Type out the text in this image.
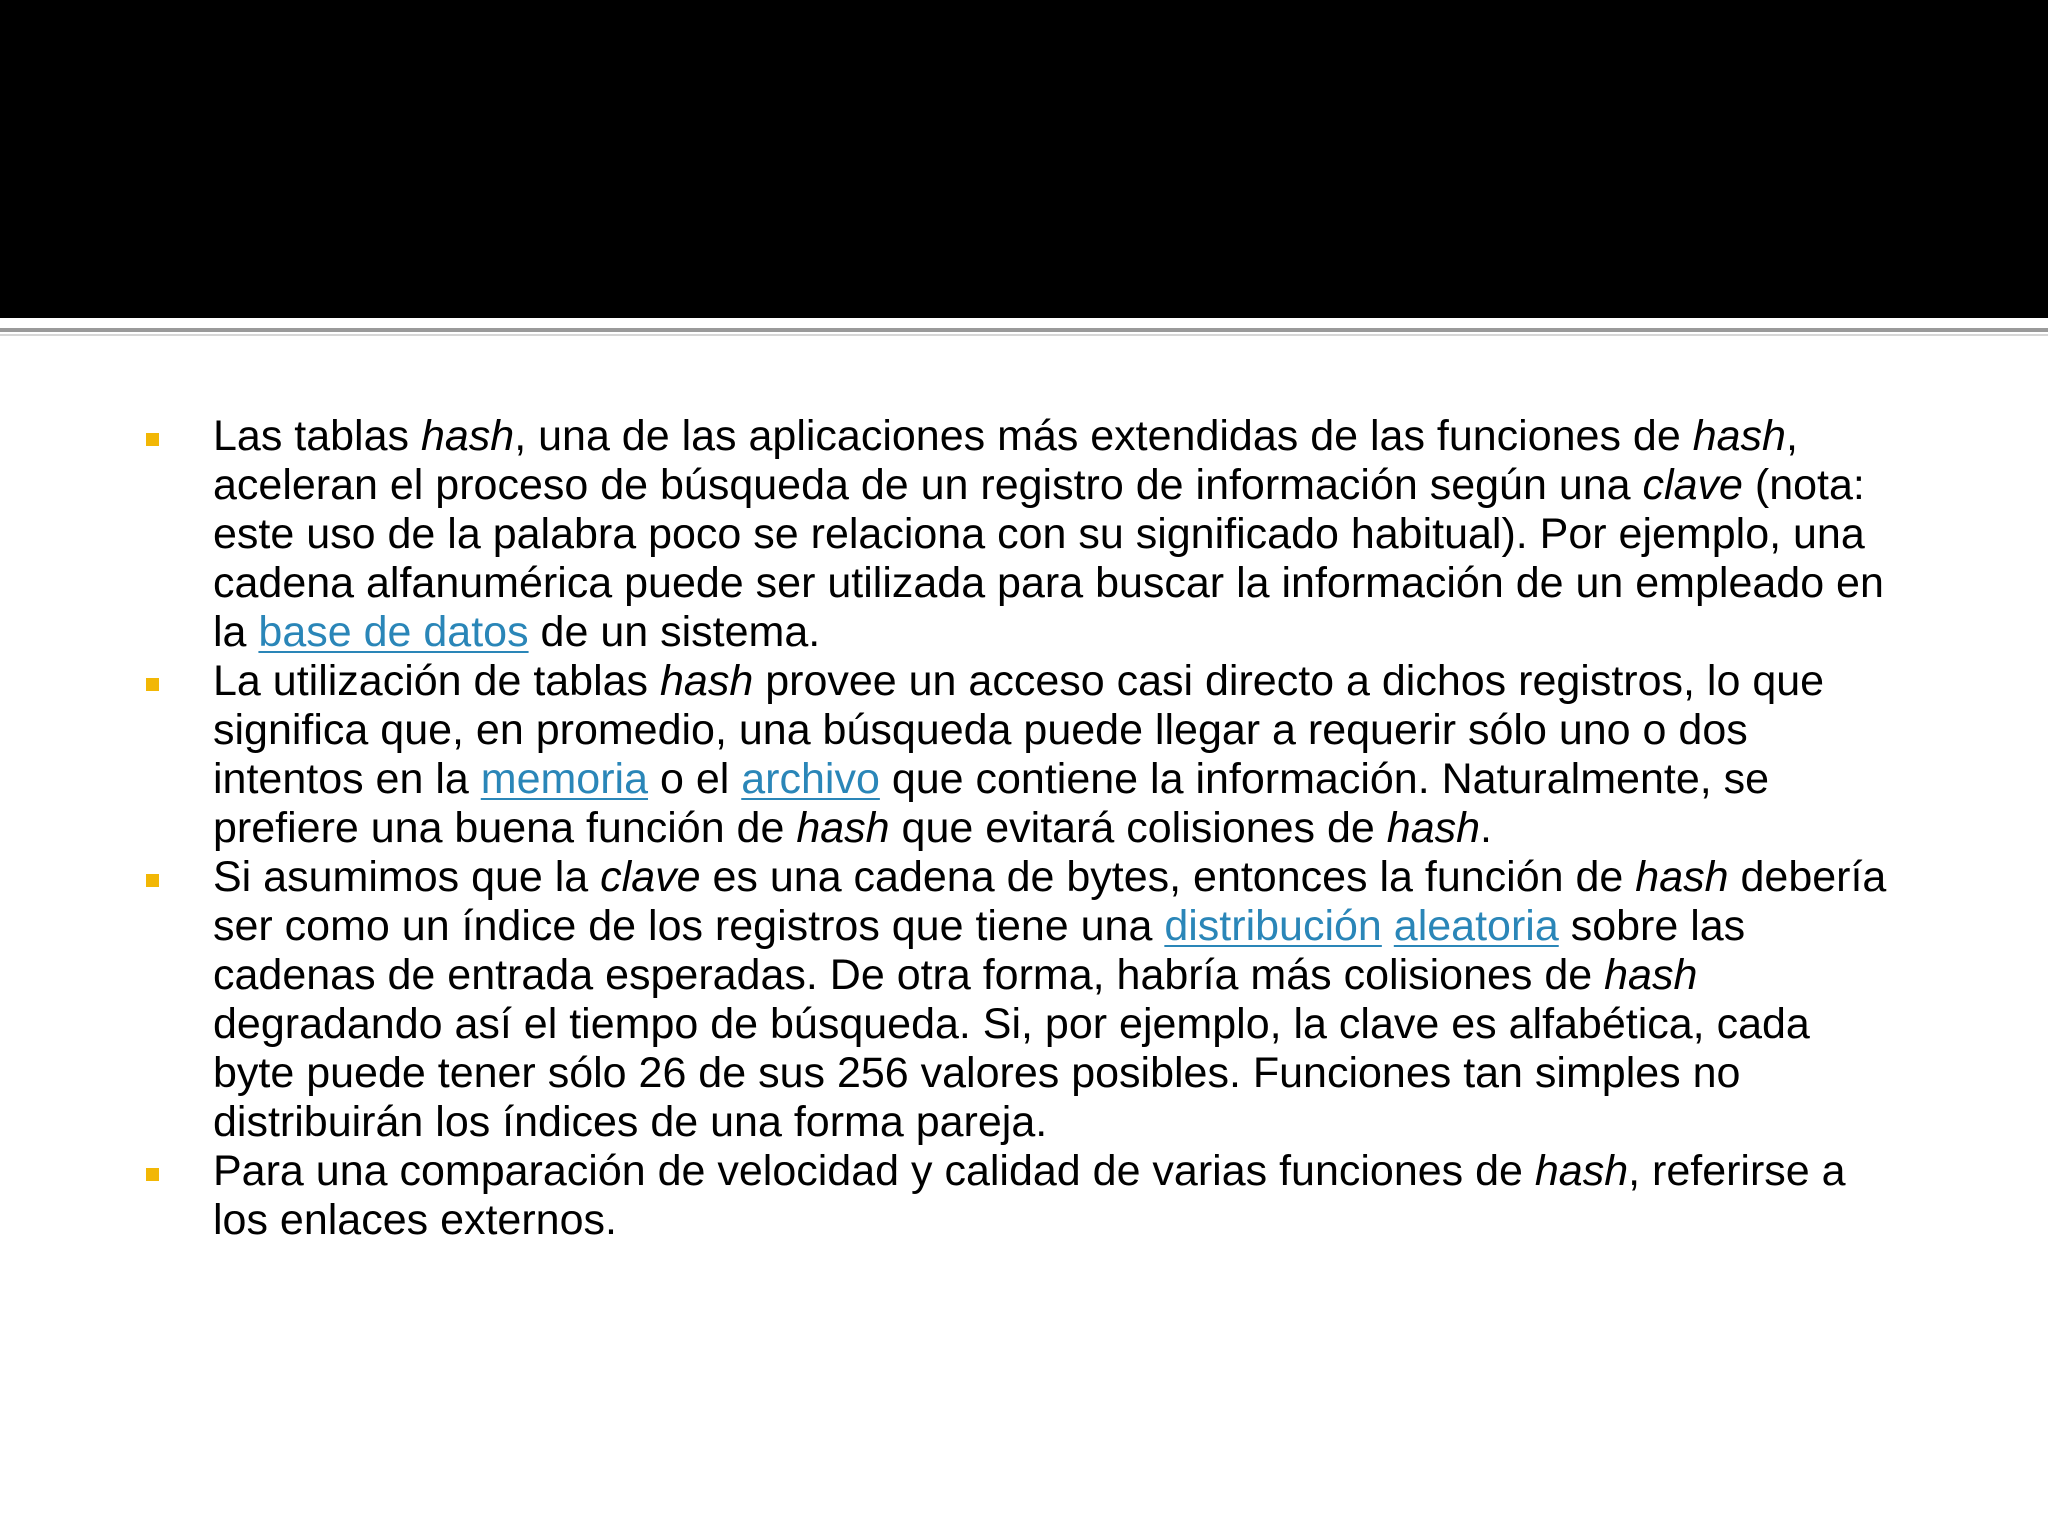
Las tablas hash, una de las aplicaciones más extendidas de las funciones de hash, aceleran el proceso de búsqueda de un registro de información según una clave (nota: este uso de la palabra poco se relaciona con su significado habitual). Por ejemplo, una cadena alfanumérica puede ser utilizada para buscar la información de un empleado en la base de datos de un sistema.
La utilización de tablas hash provee un acceso casi directo a dichos registros, lo que significa que, en promedio, una búsqueda puede llegar a requerir sólo uno o dos intentos en la memoria o el archivo que contiene la información. Naturalmente, se prefiere una buena función de hash que evitará colisiones de hash.
Si asumimos que la clave es una cadena de bytes, entonces la función de hash debería ser como un índice de los registros que tiene una distribución aleatoria sobre las cadenas de entrada esperadas. De otra forma, habría más colisiones de hash degradando así el tiempo de búsqueda. Si, por ejemplo, la clave es alfabética, cada byte puede tener sólo 26 de sus 256 valores posibles. Funciones tan simples no distribuirán los índices de una forma pareja.
Para una comparación de velocidad y calidad de varias funciones de hash, referirse a los enlaces externos.
